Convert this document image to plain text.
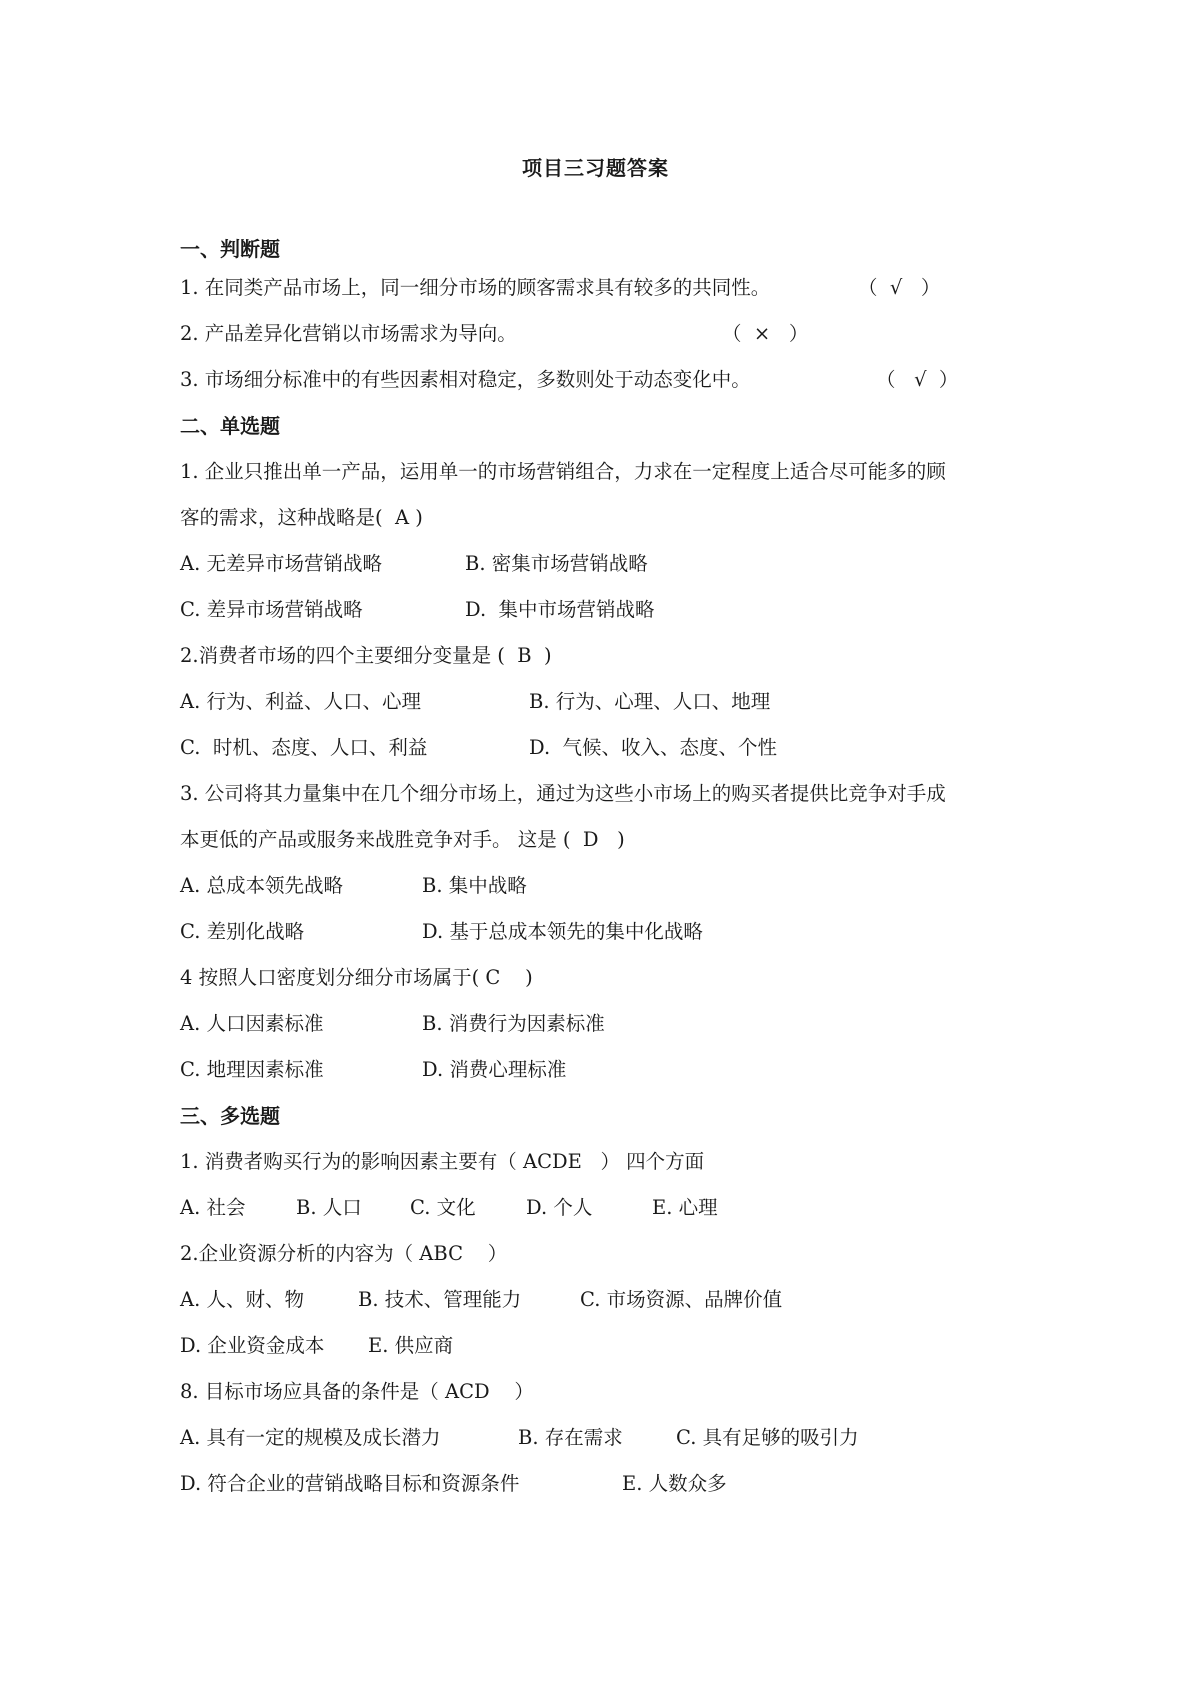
项目三习题答案
一、判断题
1. 在同类产品市场上，同一细分市场的顾客需求具有较多的共同性。	（  √   ）
2. 产品差异化营销以市场需求为导向。	（  ×   ）
3. 市场细分标准中的有些因素相对稳定，多数则处于动态变化中。	（   √  ）
二、单选题
1. 企业只推出单一产品，运用单一的市场营销组合，力求在一定程度上适合尽可能多的顾
客的需求，这种战略是(  A )
A. 无差异市场营销战略	B. 密集市场营销战略
C. 差异市场营销战略	D.  集中市场营销战略
2.消费者市场的四个主要细分变量是 (  B  )
A. 行为、利益、人口、心理	B. 行为、心理、人口、地理
C.  时机、态度、人口、利益	D.  气候、收入、态度、个性
3. 公司将其力量集中在几个细分市场上，通过为这些小市场上的购买者提供比竞争对手成
本更低的产品或服务来战胜竞争对手。 这是 (  D   )
A. 总成本领先战略	B. 集中战略
C. 差别化战略	D. 基于总成本领先的集中化战略
4 按照人口密度划分细分市场属于( C    )
A. 人口因素标准	B. 消费行为因素标准
C. 地理因素标准	D. 消费心理标准
三、多选题
1. 消费者购买行为的影响因素主要有（ ACDE   ） 四个方面
A. 社会	B. 人口 C. 文化	D. 个人	E. 心理
2.企业资源分析的内容为（ ABC    ）
A. 人、财、物	B. 技术、管理能力	C. 市场资源、品牌价值
D. 企业资金成本 E. 供应商
8. 目标市场应具备的条件是（ ACD    ）
A. 具有一定的规模及成长潜力	B. 存在需求	C. 具有足够的吸引力
D. 符合企业的营销战略目标和资源条件	E. 人数众多
